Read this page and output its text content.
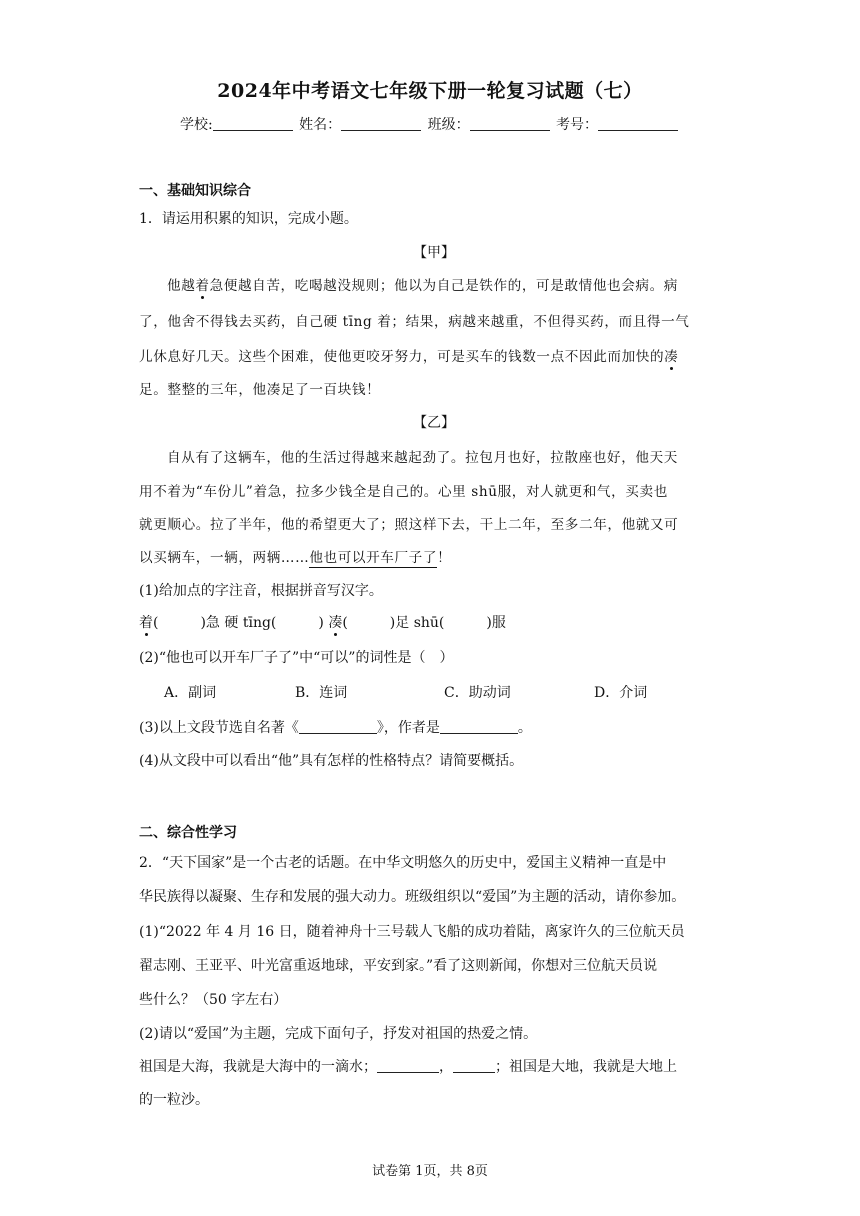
2024年中考语文七年级下册一轮复习试题（七）
学校:	姓名：	班级：	考号：
一、基础知识综合
1．请运用积累的知识，完成小题。
【甲】
他越着急便越自苦，吃喝越没规则；他以为自己是铁作的，可是敢情他也会病。病
了，他舍不得钱去买药，自己硬 tīng 着；结果，病越来越重，不但得买药，而且得一气
儿休息好几天。这些个困难，使他更咬牙努力，可是买车的钱数一点不因此而加快的凑
足。整整的三年，他凑足了一百块钱！
【乙】
自从有了这辆车，他的生活过得越来越起劲了。拉包月也好，拉散座也好，他天天
用不着为“车份儿”着急，拉多少钱全是自己的。心里 shū服，对人就更和气，买卖也
就更顺心。拉了半年，他的希望更大了；照这样下去，干上二年，至多二年，他就又可
以买辆车，一辆，两辆……他也可以开车厂子了！
(1)给加点的字注音，根据拼音写汉字。
着(　　　)急 硬 tīng(　　　) 凑(　　　)足 shū(　　　)服
(2)“他也可以开车厂子了”中“可以”的词性是（　）
A．副词	B．连词	C．助动词	D．介词
(3)以上文段节选自名著《	》，作者是	。
(4)从文段中可以看出“他”具有怎样的性格特点？请简要概括。
二、综合性学习
2．“天下国家”是一个古老的话题。在中华文明悠久的历史中，爱国主义精神一直是中
华民族得以凝聚、生存和发展的强大动力。班级组织以“爱国”为主题的活动，请你参加。
(1)“2022 年 4 月 16 日，随着神舟十三号载人飞船的成功着陆，离家许久的三位航天员
翟志刚、王亚平、叶光富重返地球，平安到家。”看了这则新闻，你想对三位航天员说
些什么？（50 字左右）
(2)请以“爱国”为主题，完成下面句子，抒发对祖国的热爱之情。
祖国是大海，我就是大海中的一滴水；	，	；祖国是大地，我就是大地上
的一粒沙。
试卷第 1页，共 8页
